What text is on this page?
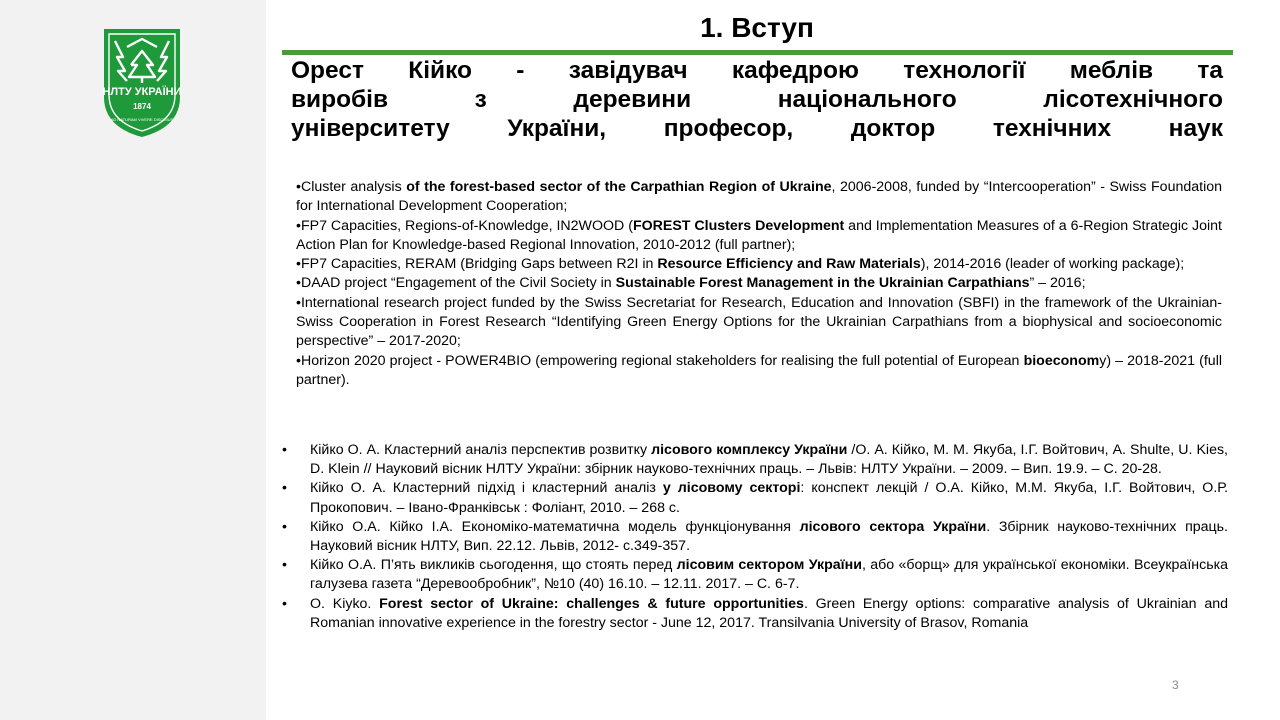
НЛТУ УКРАЇНИ
1874
AD NATURAM VIVERE DISCIMUS
1. Вступ
Орест Кійко - завідувач кафедрою технології меблів та
виробів з деревини національного лісотехнічного
університету України, професор, доктор технічних наук

•Cluster analysis of the forest-based sector of the Carpathian Region of Ukraine, 2006-2008, funded by “Intercooperation” - Swiss Foundation for International Development Cooperation;

•FP7 Capacities, Regions-of-Knowledge, IN2WOOD (FOREST Clusters Development and Implementation Measures of a 6-Region Strategic Joint Action Plan for Knowledge-based Regional Innovation, 2010-2012 (full partner);

•FP7 Capacities, RERAM (Bridging Gaps between R2I in Resource Efficiency and Raw Materials), 2014-2016 (leader of working package);

•DAAD project “Engagement of the Civil Society in Sustainable Forest Management in the Ukrainian Carpathians” – 2016;

•International research project funded by the Swiss Secretariat for Research, Education and Innovation (SBFI) in the framework of the Ukrainian-Swiss Cooperation in Forest Research “Identifying Green Energy Options for the Ukrainian Carpathians from a biophysical and socioeconomic perspective” – 2017-2020;

•Horizon 2020 project - POWER4BIO (empowering regional stakeholders for realising the full potential of European bioeconomy) – 2018-2021 (full partner).

• Кійко О. А. Кластерний аналіз перспектив розвитку лісового комплексу України /О. А. Кійко, М. М. Якуба, І.Г. Войтович, A. Shulte, U. Kies, D. Klein // Науковий вісник НЛТУ України: збірник науково-технічних праць. – Львів: НЛТУ України. – 2009. – Вип. 19.9. – С. 20-28.
• Кійко О. А. Кластерний підхід і кластерний аналіз у лісовому секторі: конспект лекцій / О.А. Кійко, М.М. Якуба, І.Г. Войтович, О.Р. Прокопович. – Івано-Франківськ : Фоліант, 2010. – 268 с.
• Кійко О.А. Кійко І.А. Економіко-математична модель функціонування лісового сектора України. Збірник науково-технічних праць. Науковий вісник НЛТУ, Вип. 22.12. Львів, 2012- с.349-357.
• Кійко О.А. П’ять викликів сьогодення, що стоять перед лісовим сектором України, або «борщ» для української економіки. Всеукраїнська галузева газета “Деревообробник”, №10 (40) 16.10. – 12.11. 2017. – С. 6-7.
• O. Kiyko. Forest sector of Ukraine: challenges & future opportunities. Green Energy options: comparative analysis of Ukrainian and Romanian innovative experience in the forestry sector - June 12, 2017. Transilvania University of Brasov, Romania
3
